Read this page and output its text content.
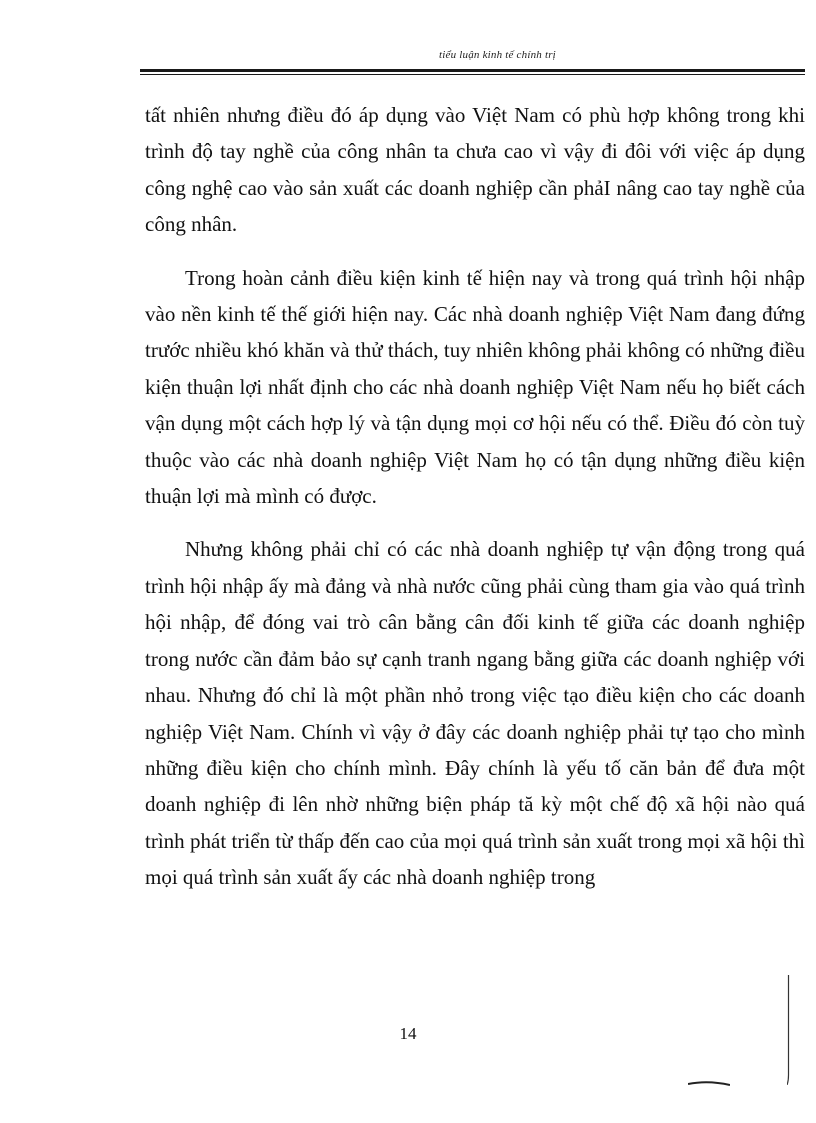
tiểu luận kinh tế chính trị

tất nhiên nhưng điều đó áp dụng vào Việt Nam có phù hợp không trong khi trình độ tay nghề của công nhân ta chưa cao vì vậy đi đôi với việc áp dụng công nghệ cao vào sản xuất các doanh nghiệp cần phảI nâng cao tay nghề của công nhân.

Trong hoàn cảnh điều kiện kinh tế hiện nay và trong quá trình hội nhập vào nền kinh tế thế giới hiện nay. Các nhà doanh nghiệp Việt Nam đang đứng trước nhiều khó khăn và thử thách, tuy nhiên không phải không có những điều kiện thuận lợi nhất định cho các nhà doanh nghiệp Việt Nam nếu họ biết cách vận dụng một cách hợp lý và tận dụng mọi cơ hội nếu có thể. Điều đó còn tuỳ thuộc vào các nhà doanh nghiệp Việt Nam họ có tận dụng những điều kiện thuận lợi mà mình có được.

Nhưng không phải chỉ có các nhà doanh nghiệp tự vận động trong quá trình hội nhập ấy mà đảng và nhà nước cũng phải cùng tham gia vào quá trình hội nhập, để đóng vai trò cân bằng cân đối kinh tế giữa các doanh nghiệp trong nước cần đảm bảo sự cạnh tranh ngang bằng giữa các doanh nghiệp với nhau. Nhưng đó chỉ là một phần nhỏ trong việc tạo điều kiện cho các doanh nghiệp Việt Nam. Chính vì vậy ở đây các doanh nghiệp phải tự tạo cho mình những điều kiện cho chính mình. Đây chính là yếu tố căn bản để đưa một doanh nghiệp đi lên nhờ những biện pháp tă kỳ một chế độ xã hội nào quá trình phát triển từ thấp đến cao của mọi quá trình sản xuất trong mọi xã hội thì mọi quá trình sản xuất ấy các nhà doanh nghiệp trong

14
